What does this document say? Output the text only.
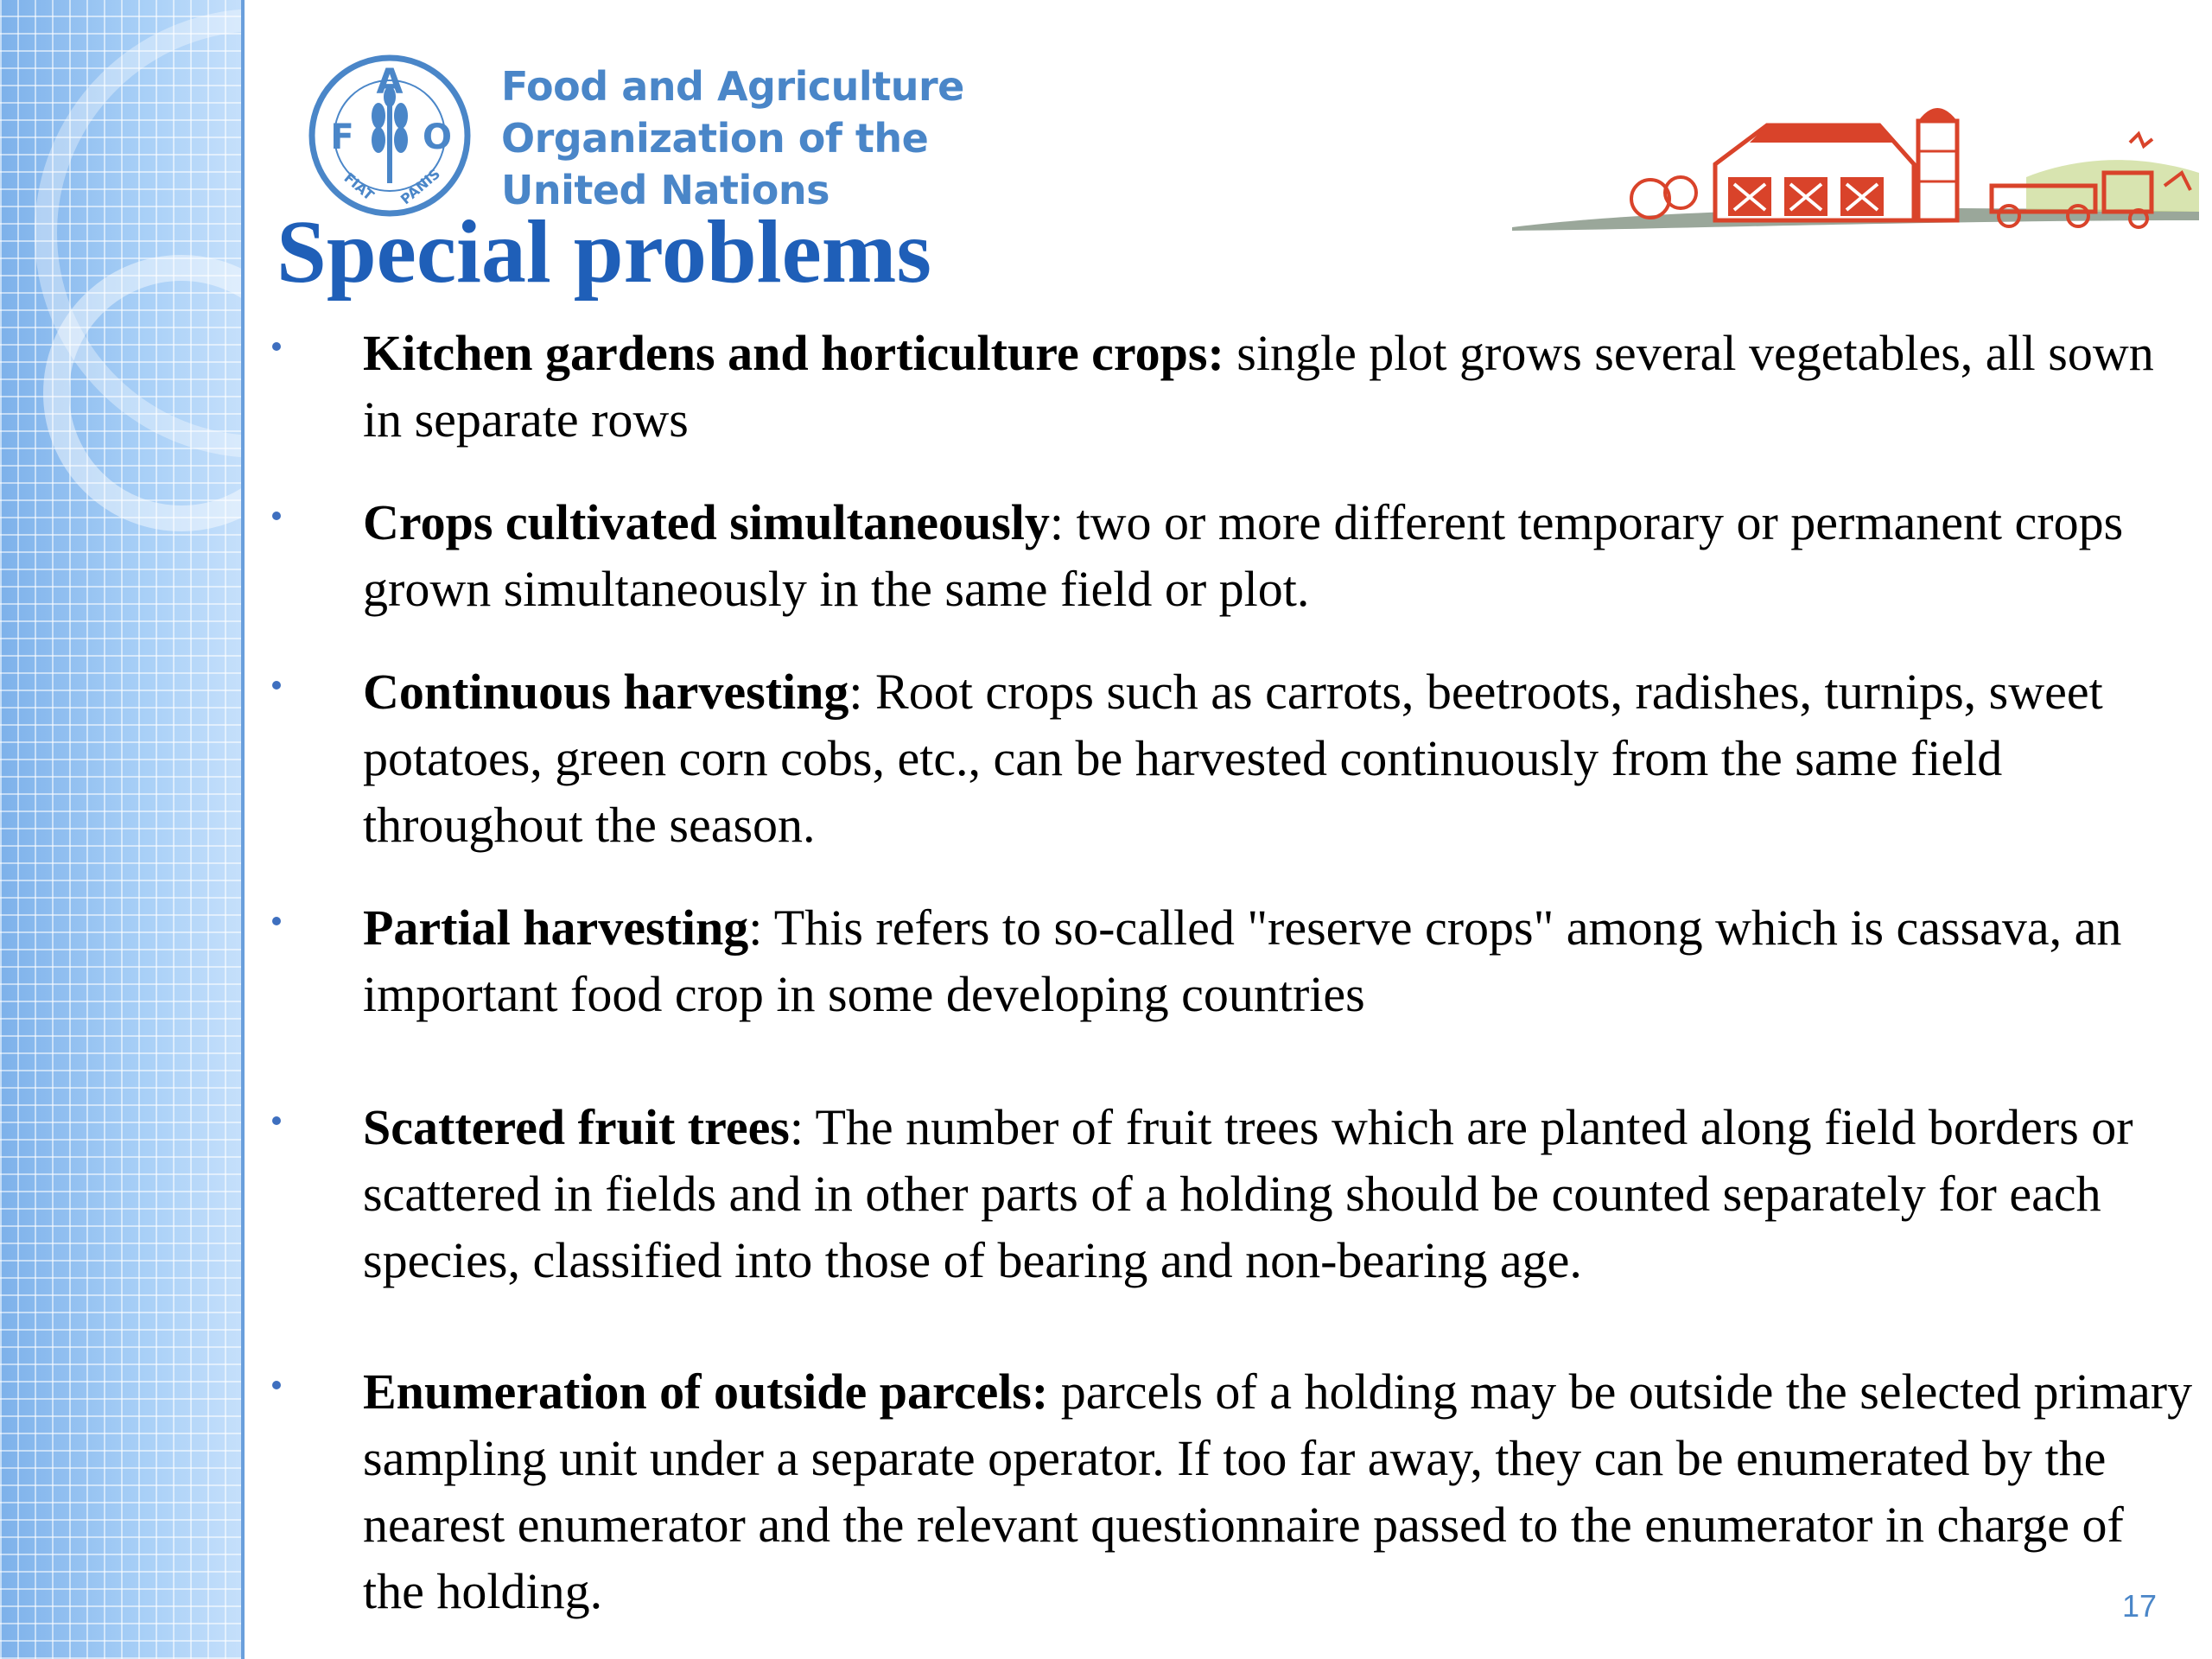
A
F O
FIAT PANIS
Food and Agriculture
Organization of the
United Nations
Special problems
Kitchen gardens and horticulture crops: single plot grows several vegetables, all sown in separate rows
Crops cultivated simultaneously: two or more different temporary or permanent crops grown simultaneously in the same field or plot.
Continuous harvesting: Root crops such as carrots, beetroots, radishes, turnips, sweet potatoes, green corn cobs, etc., can be harvested continuously from the same field throughout the season.
Partial harvesting: This refers to so-called "reserve crops" among which is cassava, an important food crop in some developing countries
Scattered fruit trees: The number of fruit trees which are planted along field borders or scattered in fields and in other parts of a holding should be counted separately for each species, classified into those of bearing and non-bearing age.
Enumeration of outside parcels: parcels of a holding may be outside the selected primary sampling unit under a separate operator. If too far away, they can be enumerated by the nearest enumerator and the relevant questionnaire passed to the enumerator in charge of the holding.	17
